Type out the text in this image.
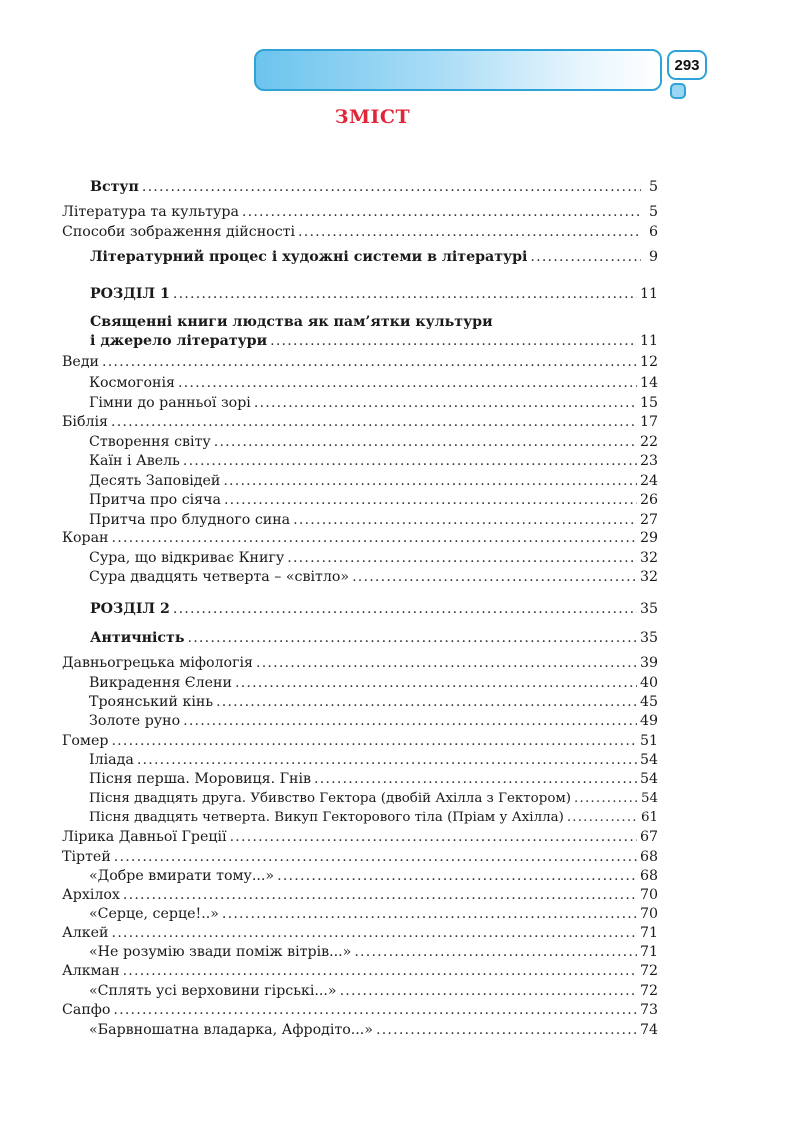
293
ЗМІСТ
Вступ .....	5
Література та культура .....	5
Способи зображення дійсності .....	6
Літературний процес і художні системи в літературі .....	9
РОЗДІЛ 1 .....	11
Священні книги людства як пам’ятки культури
і джерело літератури .....	11
Веди .....	12
Космогонія .....	14
Гімни до ранньої зорі .....	15
Біблія .....	17
Створення світу .....	22
Каїн і Авель .....	23
Десять Заповідей .....	24
Притча про сіяча .....	26
Притча про блудного сина .....	27
Коран .....	29
Сура, що відкриває Книгу .....	32
Сура двадцять четверта – «світло» .....	32
РОЗДІЛ 2 .....	35
Античність .....	35
Давньогрецька міфологія .....	39
Викрадення Єлени .....	40
Троянський кінь .....	45
Золоте руно .....	49
Гомер .....	51
Іліада .....	54
Пісня перша. Моровиця. Гнів .....	54
Пісня двадцять друга. Убивство Гектора (двобій Ахілла з Гектором) .....	54
Пісня двадцять четверта. Викуп Гекторового тіла (Пріам у Ахілла) .....	61
Лірика Давньої Греції .....	67
Тіртей .....	68
«Добре вмирати тому...» .....	68
Архілох .....	70
«Серце, серце!..» .....	70
Алкей .....	71
«Не розумію звади поміж вітрів...» .....	71
Алкман .....	72
«Сплять усі верховини гірські...» .....	72
Сапфо .....	73
«Барвношатна владарка, Афродіто...» .....	74
